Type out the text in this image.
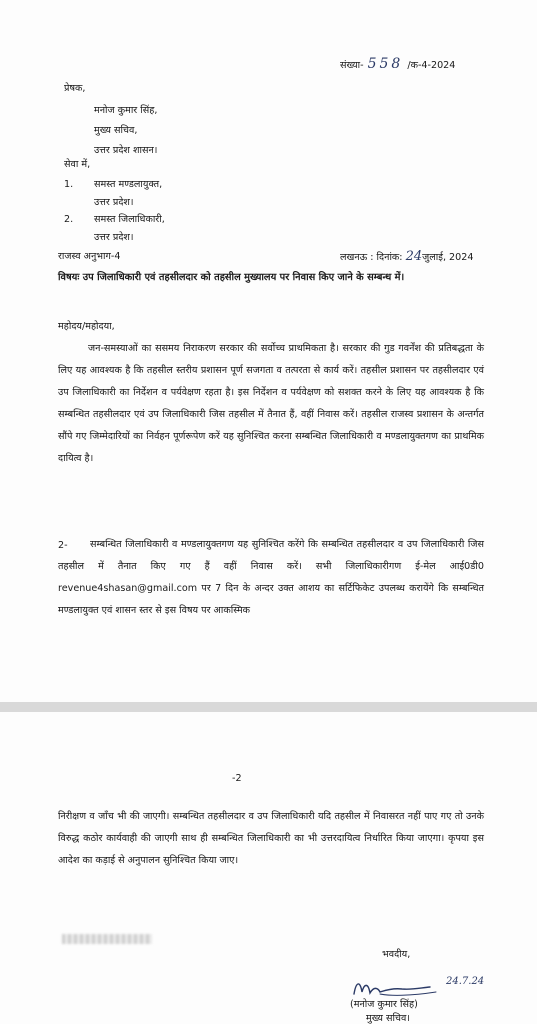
संख्या- 558 /क-4-2024
प्रेषक,
मनोज कुमार सिंह,
मुख्य सचिव,
उत्तर प्रदेश शासन।
सेवा में,
1. समस्त मण्डलायुक्त,
उत्तर प्रदेश।
2. समस्त जिलाधिकारी,
उत्तर प्रदेश।
राजस्व अनुभाग-4	लखनऊ : दिनांक: 24जुलाई, 2024
विषयः उप जिलाधिकारी एवं तहसीलदार को तहसील मुख्यालय पर निवास किए जाने के सम्बन्ध में।
महोदय/महोदया,
जन-समस्याओं का ससमय निराकरण सरकार की सर्वोच्च प्राथमिकता है। सरकार की गुड गवर्नेंश की प्रतिबद्धता के लिए यह आवश्यक है कि तहसील स्तरीय प्रशासन पूर्ण सजगता व तत्परता से कार्य करें। तहसील प्रशासन पर तहसीलदार एवं उप जिलाधिकारी का निर्देशन व पर्यवेक्षण रहता है। इस निर्देशन व पर्यवेक्षण को सशक्त करने के लिए यह आवश्यक है कि सम्बन्धित तहसीलदार एवं उप जिलाधिकारी जिस तहसील में तैनात हैं, वहीं निवास करें। तहसील राजस्व प्रशासन के अन्तर्गत सौंपे गए जिम्मेदारियों का निर्वहन पूर्णरूपेण करें यह सुनिश्चित करना सम्बन्धित जिलाधिकारी व मण्डलायुक्तगण का प्राथमिक दायित्व है।
2-	सम्बन्धित जिलाधिकारी व मण्डलायुक्तगण यह सुनिश्चित करेंगे कि सम्बन्धित तहसीलदार व उप जिलाधिकारी जिस तहसील में तैनात किए गए हैं वहीं निवास करें। सभी जिलाधिकारीगण ई-मेल आई0डी0 revenue4shasan@gmail.com पर 7 दिन के अन्दर उक्त आशय का सर्टिफिकेट उपलब्ध करायेंगे कि सम्बन्धित मण्डलायुक्त एवं शासन स्तर से इस विषय पर आकस्मिक
-2
निरीक्षण व जाँच भी की जाएगी। सम्बन्धित तहसीलदार व उप जिलाधिकारी यदि तहसील में निवासरत नहीं पाए गए तो उनके विरुद्ध कठोर कार्यवाही की जाएगी साथ ही सम्बन्धित जिलाधिकारी का भी उत्तरदायित्व निर्धारित किया जाएगा। कृपया इस आदेश का कड़ाई से अनुपालन सुनिश्चित किया जाए।
भवदीय,
24.7.24
(मनोज कुमार सिंह)
मुख्य सचिव।
